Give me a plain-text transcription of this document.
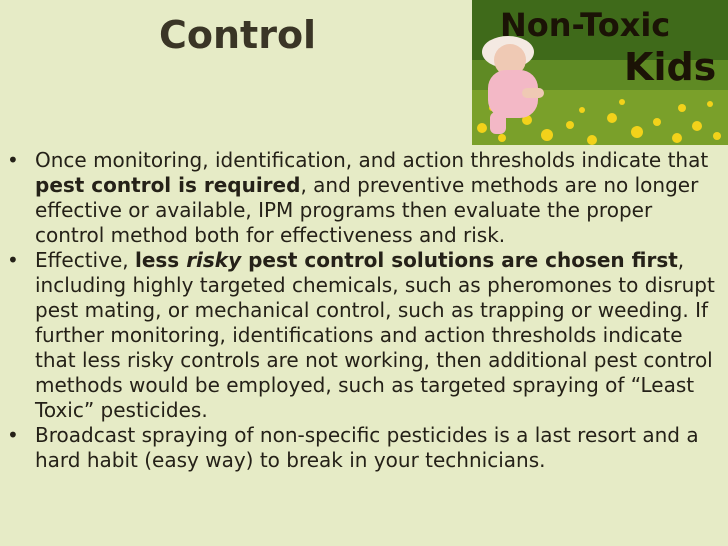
Control	Non-Toxic
Kids
• Once monitoring, identification, and action thresholds indicate that pest control is required, and preventive methods are no longer effective or available, IPM programs then evaluate the proper control method both for effectiveness and risk.
• Effective, less risky pest control solutions are chosen first, including highly targeted chemicals, such as pheromones to disrupt pest mating, or mechanical control, such as trapping or weeding. If further monitoring, identifications and action thresholds indicate that less risky controls are not working, then additional pest control methods would be employed, such as targeted spraying of “Least Toxic” pesticides.
• Broadcast spraying of non-specific pesticides is a last resort and a hard habit (easy way) to break in your technicians.
